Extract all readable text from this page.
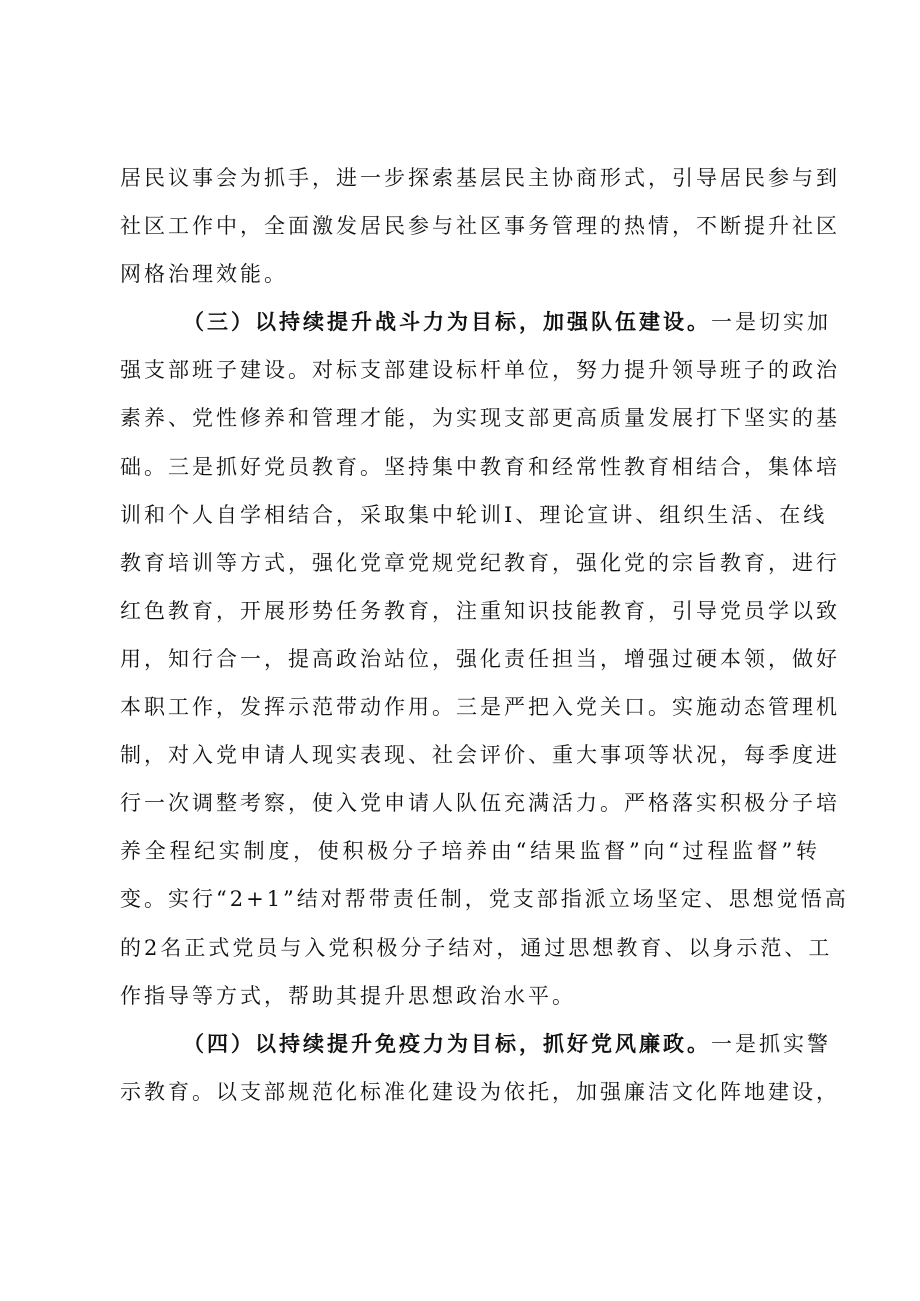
居民议事会为抓手，进一步探索基层民主协商形式，引导居民参与到
社区工作中，全面激发居民参与社区事务管理的热情，不断提升社区
网格治理效能。
（三）以持续提升战斗力为目标，加强队伍建设。一是切实加
强支部班子建设。对标支部建设标杆单位，努力提升领导班子的政治
素养、党性修养和管理才能，为实现支部更高质量发展打下坚实的基
础。三是抓好党员教育。坚持集中教育和经常性教育相结合，集体培
训和个人自学相结合，采取集中轮训I、理论宣讲、组织生活、在线
教育培训等方式，强化党章党规党纪教育，强化党的宗旨教育，进行
红色教育，开展形势任务教育，注重知识技能教育，引导党员学以致
用，知行合一，提高政治站位，强化责任担当，增强过硬本领，做好
本职工作，发挥示范带动作用。三是严把入党关口。实施动态管理机
制，对入党申请人现实表现、社会评价、重大事项等状况，每季度进
行一次调整考察，使入党申请人队伍充满活力。严格落实积极分子培
养全程纪实制度，使积极分子培养由“结果监督”向“过程监督”转
变。实行“2+1”结对帮带责任制，党支部指派立场坚定、思想觉悟高
的2名正式党员与入党积极分子结对，通过思想教育、以身示范、工
作指导等方式，帮助其提升思想政治水平。
（四）以持续提升免疫力为目标，抓好党风廉政。一是抓实警
示教育。以支部规范化标准化建设为依托，加强廉洁文化阵地建设，
